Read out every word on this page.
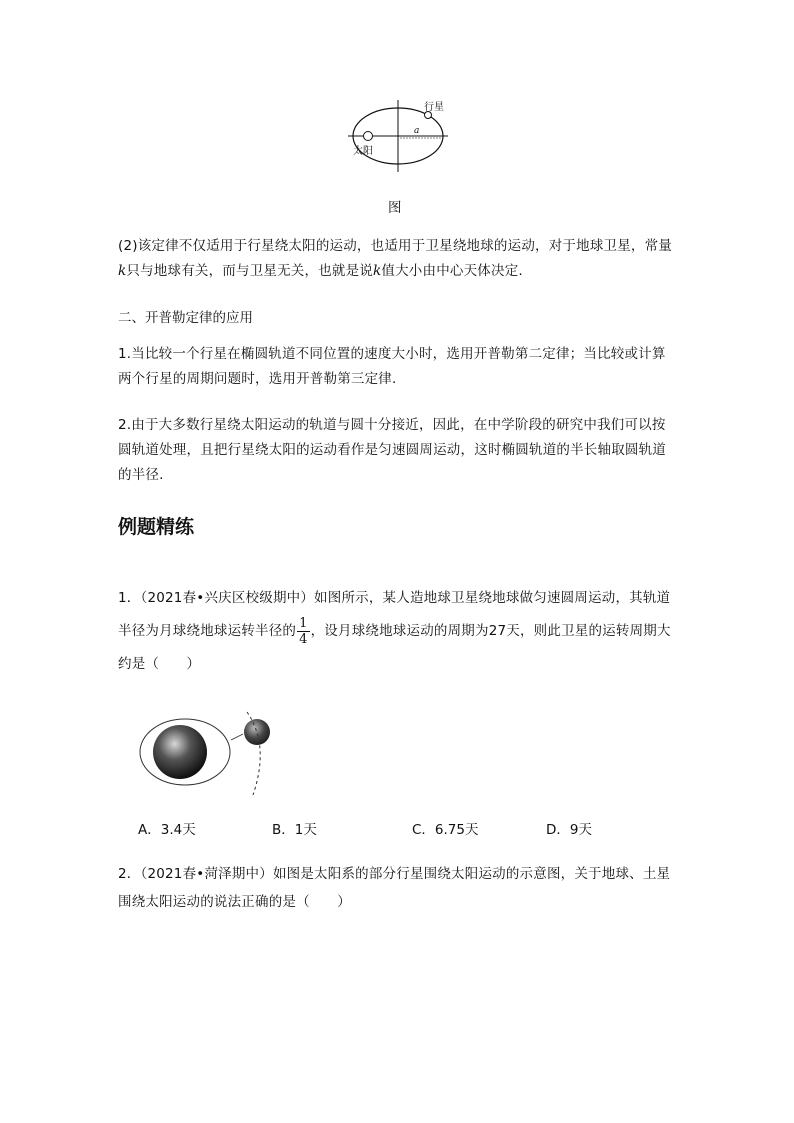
行星
太阳
a
图
(2)该定律不仅适用于行星绕太阳的运动，也适用于卫星绕地球的运动，对于地球卫星，常量k只与地球有关，而与卫星无关，也就是说k值大小由中心天体决定.
二、开普勒定律的应用
1.当比较一个行星在椭圆轨道不同位置的速度大小时，选用开普勒第二定律；当比较或计算两个行星的周期问题时，选用开普勒第三定律.
2.由于大多数行星绕太阳运动的轨道与圆十分接近，因此，在中学阶段的研究中我们可以按圆轨道处理，且把行星绕太阳的运动看作是匀速圆周运动，这时椭圆轨道的半长轴取圆轨道的半径.
例题精练
1．（2021春•兴庆区校级期中）如图所示，某人造地球卫星绕地球做匀速圆周运动，其轨道半径为月球绕地球运转半径的 $\frac{1}{4}$ ，设月球绕地球运动的周期为27天，则此卫星的运转周期大约是（　　）
A．3.4天	B．1天	C．6.75天	D．9天
2．（2021春•菏泽期中）如图是太阳系的部分行星围绕太阳运动的示意图，关于地球、土星围绕太阳运动的说法正确的是（　　）
